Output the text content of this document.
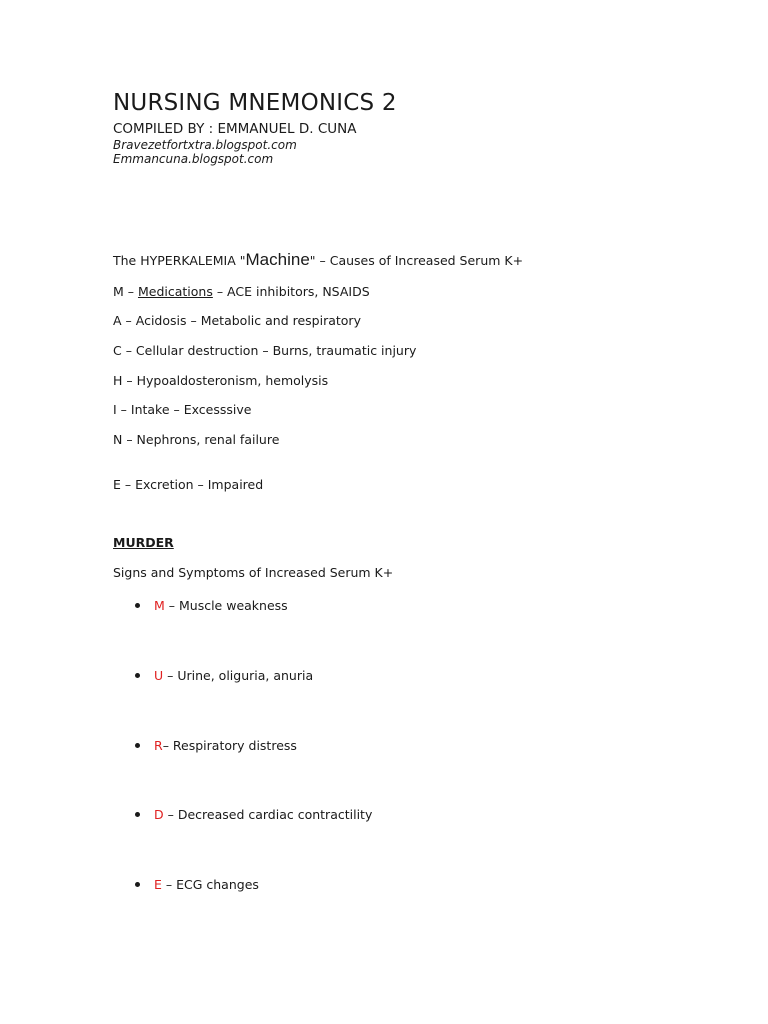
NURSING MNEMONICS 2
COMPILED BY : EMMANUEL D. CUNA
Bravezetfortxtra.blogspot.com
Emmancuna.blogspot.com
The HYPERKALEMIA "Machine" – Causes of Increased Serum K+
M – Medications – ACE inhibitors, NSAIDS
A – Acidosis – Metabolic and respiratory
C – Cellular destruction – Burns, traumatic injury
H – Hypoaldosteronism, hemolysis
I – Intake – Excesssive
N – Nephrons, renal failure
E – Excretion – Impaired
MURDER
Signs and Symptoms of Increased Serum K+
M – Muscle weakness
U – Urine, oliguria, anuria
R– Respiratory distress
D – Decreased cardiac contractility
E – ECG changes
